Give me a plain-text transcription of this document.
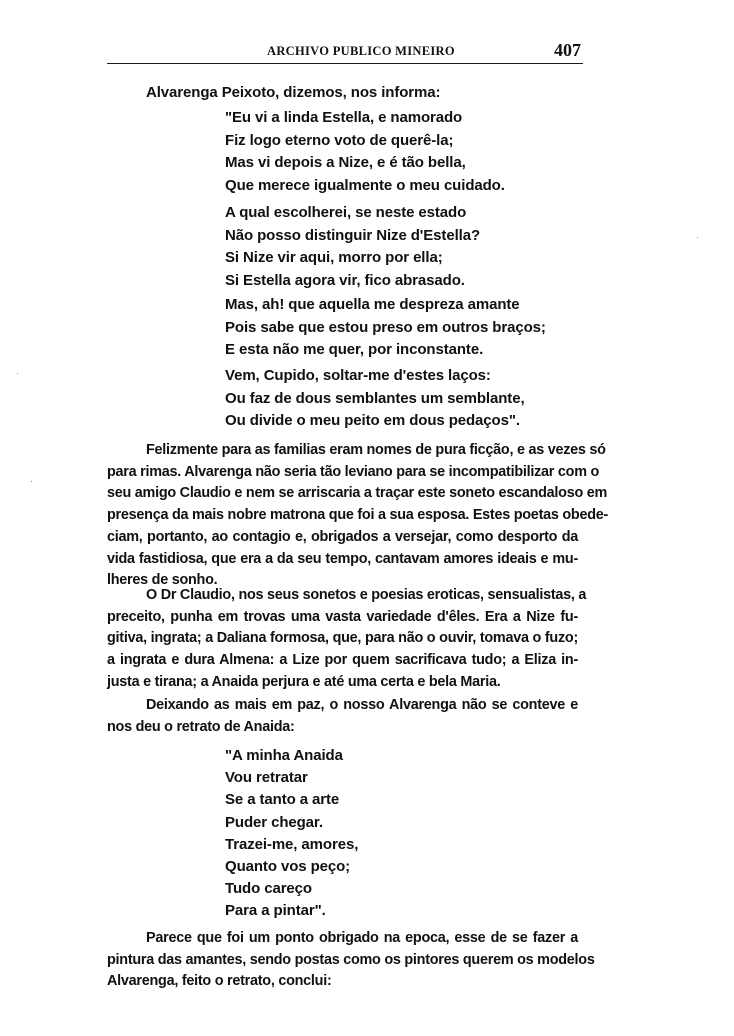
ARCHIVO PUBLICO MINEIRO	407
Alvarenga Peixoto, dizemos, nos informa:
"Eu vi a linda Estella, e namorado
Fiz logo eterno voto de querê-la;
Mas vi depois a Nize, e é tão bella,
Que merece igualmente o meu cuidado.
A qual escolherei, se neste estado
Não posso distinguir Nize d'Estella?
Si Nize vir aqui, morro por ella;
Si Estella agora vir, fico abrasado.
Mas, ah! que aquella me despreza amante
Pois sabe que estou preso em outros braços;
E esta não me quer, por inconstante.
Vem, Cupido, soltar-me d'estes laços:
Ou faz de dous semblantes um semblante,
Ou divide o meu peito em dous pedaços".
Felizmente para as familias eram nomes de pura ficção, e as vezes só
para rimas. Alvarenga não seria tão leviano para se incompatibilizar com o
seu amigo Claudio e nem se arriscaria a traçar este soneto escandaloso em
presença da mais nobre matrona que foi a sua esposa. Estes poetas obede-
ciam, portanto, ao contagio e, obrigados a versejar, como desporto da
vida fastidiosa, que era a da seu tempo, cantavam amores ideais e mu-
lheres de sonho.
O Dr Claudio, nos seus sonetos e poesias eroticas, sensualistas, a
preceito, punha em trovas uma vasta variedade d'êles. Era a Nize fu-
gitiva, ingrata; a Daliana formosa, que, para não o ouvir, tomava o fuzo;
a ingrata e dura Almena: a Lize por quem sacrificava tudo; a Eliza in-
justa e tirana; a Anaida perjura e até uma certa e bela Maria.
Deixando as mais em paz, o nosso Alvarenga não se conteve e
nos deu o retrato de Anaida:
"A minha Anaida
Vou retratar
Se a tanto a arte
Puder chegar.
Trazei-me, amores,
Quanto vos peço;
Tudo careço
Para a pintar".
Parece que foi um ponto obrigado na epoca, esse de se fazer a
pintura das amantes, sendo postas como os pintores querem os modelos
Alvarenga, feito o retrato, conclui:
·
·
·
